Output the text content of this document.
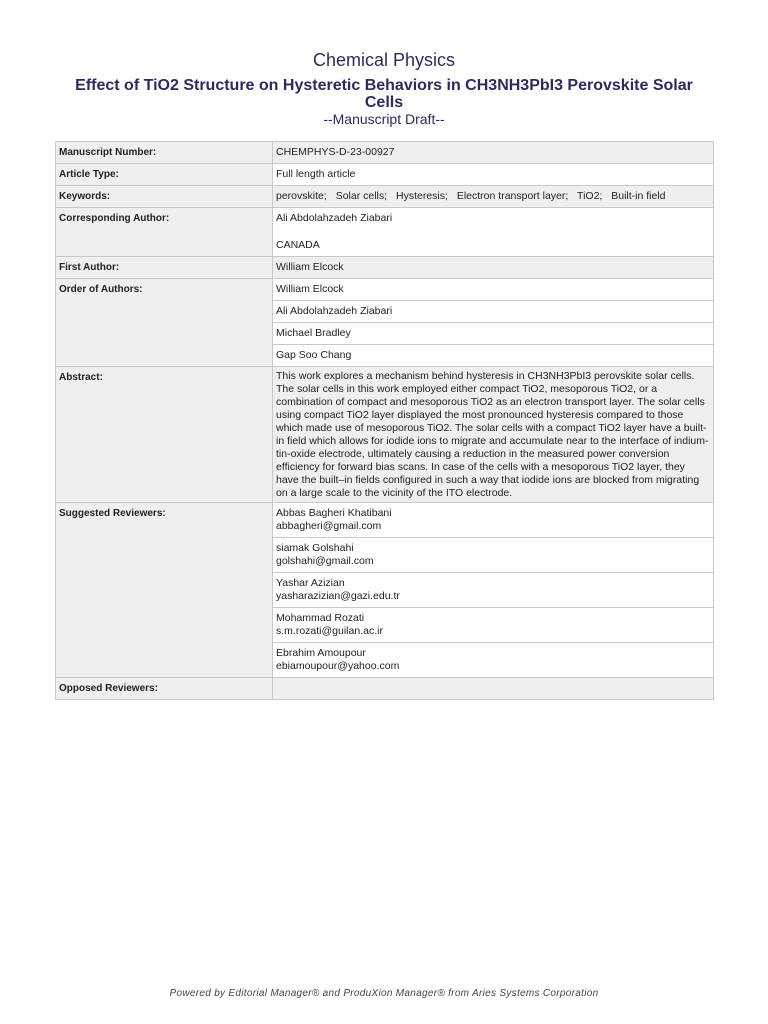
Chemical Physics
Effect of TiO2 Structure on Hysteretic Behaviors in CH3NH3PbI3 Perovskite Solar Cells
--Manuscript Draft--
Manuscript Number:	CHEMPHYS-D-23-00927
Article Type:	Full length article
Keywords:	perovskite; Solar cells; Hysteresis; Electron transport layer; TiO2; Built-in field
Corresponding Author:	Ali Abdolahzadeh Ziabari
CANADA

First Author:	William Elcock
Order of Authors:	William Elcock
	Ali Abdolahzadeh Ziabari
	Michael Bradley
	Gap Soo Chang
Abstract:	This work explores a mechanism behind hysteresis in CH3NH3PbI3 perovskite solar cells. The solar cells in this work employed either compact TiO2, mesoporous TiO2, or a combination of compact and mesoporous TiO2 as an electron transport layer. The solar cells using compact TiO2 layer displayed the most pronounced hysteresis compared to those which made use of mesoporous TiO2. The solar cells with a compact TiO2 layer have a built-in field which allows for iodide ions to migrate and accumulate near to the interface of indium-tin-oxide electrode, ultimately causing a reduction in the measured power conversion efficiency for forward bias scans. In case of the cells with a mesoporous TiO2 layer, they have the built–in fields configured in such a way that iodide ions are blocked from migrating on a large scale to the vicinity of the ITO electrode.
Suggested Reviewers:	Abbas Bagheri Khatibani
abbagheri@gmail.com

	siamak Golshahi
golshahi@gmail.com

	Yashar Azizian
yasharazizian@gazi.edu.tr

	Mohammad Rozati
s.m.rozati@guilan.ac.ir

	Ebrahim Amoupour
ebiamoupour@yahoo.com

Opposed Reviewers:	
Powered by Editorial Manager® and ProduXion Manager® from Aries Systems Corporation
